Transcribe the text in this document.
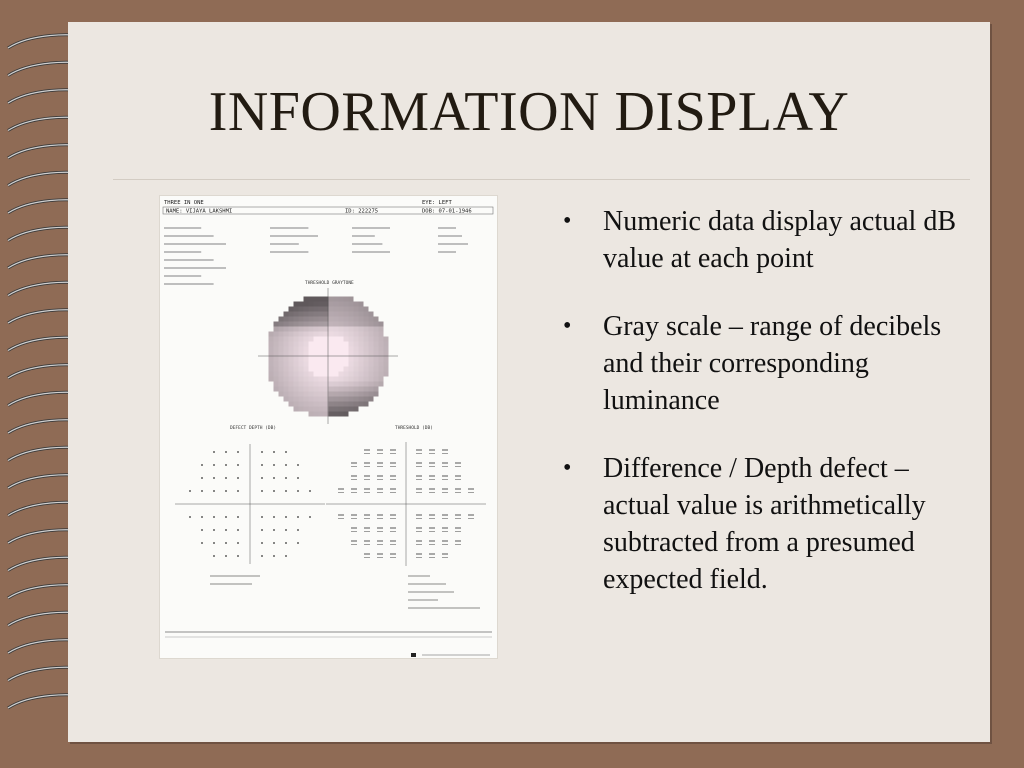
INFORMATION DISPLAY
THREE IN ONE	EYE: LEFT
NAME: VIJAYA LAKSHMI	ID: 222275	DOB: 07-01-1946
THRESHOLD GRAYTONE
DEFECT DEPTH (DB)	THRESHOLD (DB)
• Numeric data display actual dB value at each point
• Gray scale – range of decibels and their corresponding luminance
• Difference / Depth defect – actual value is arithmetically subtracted from a presumed expected field.
